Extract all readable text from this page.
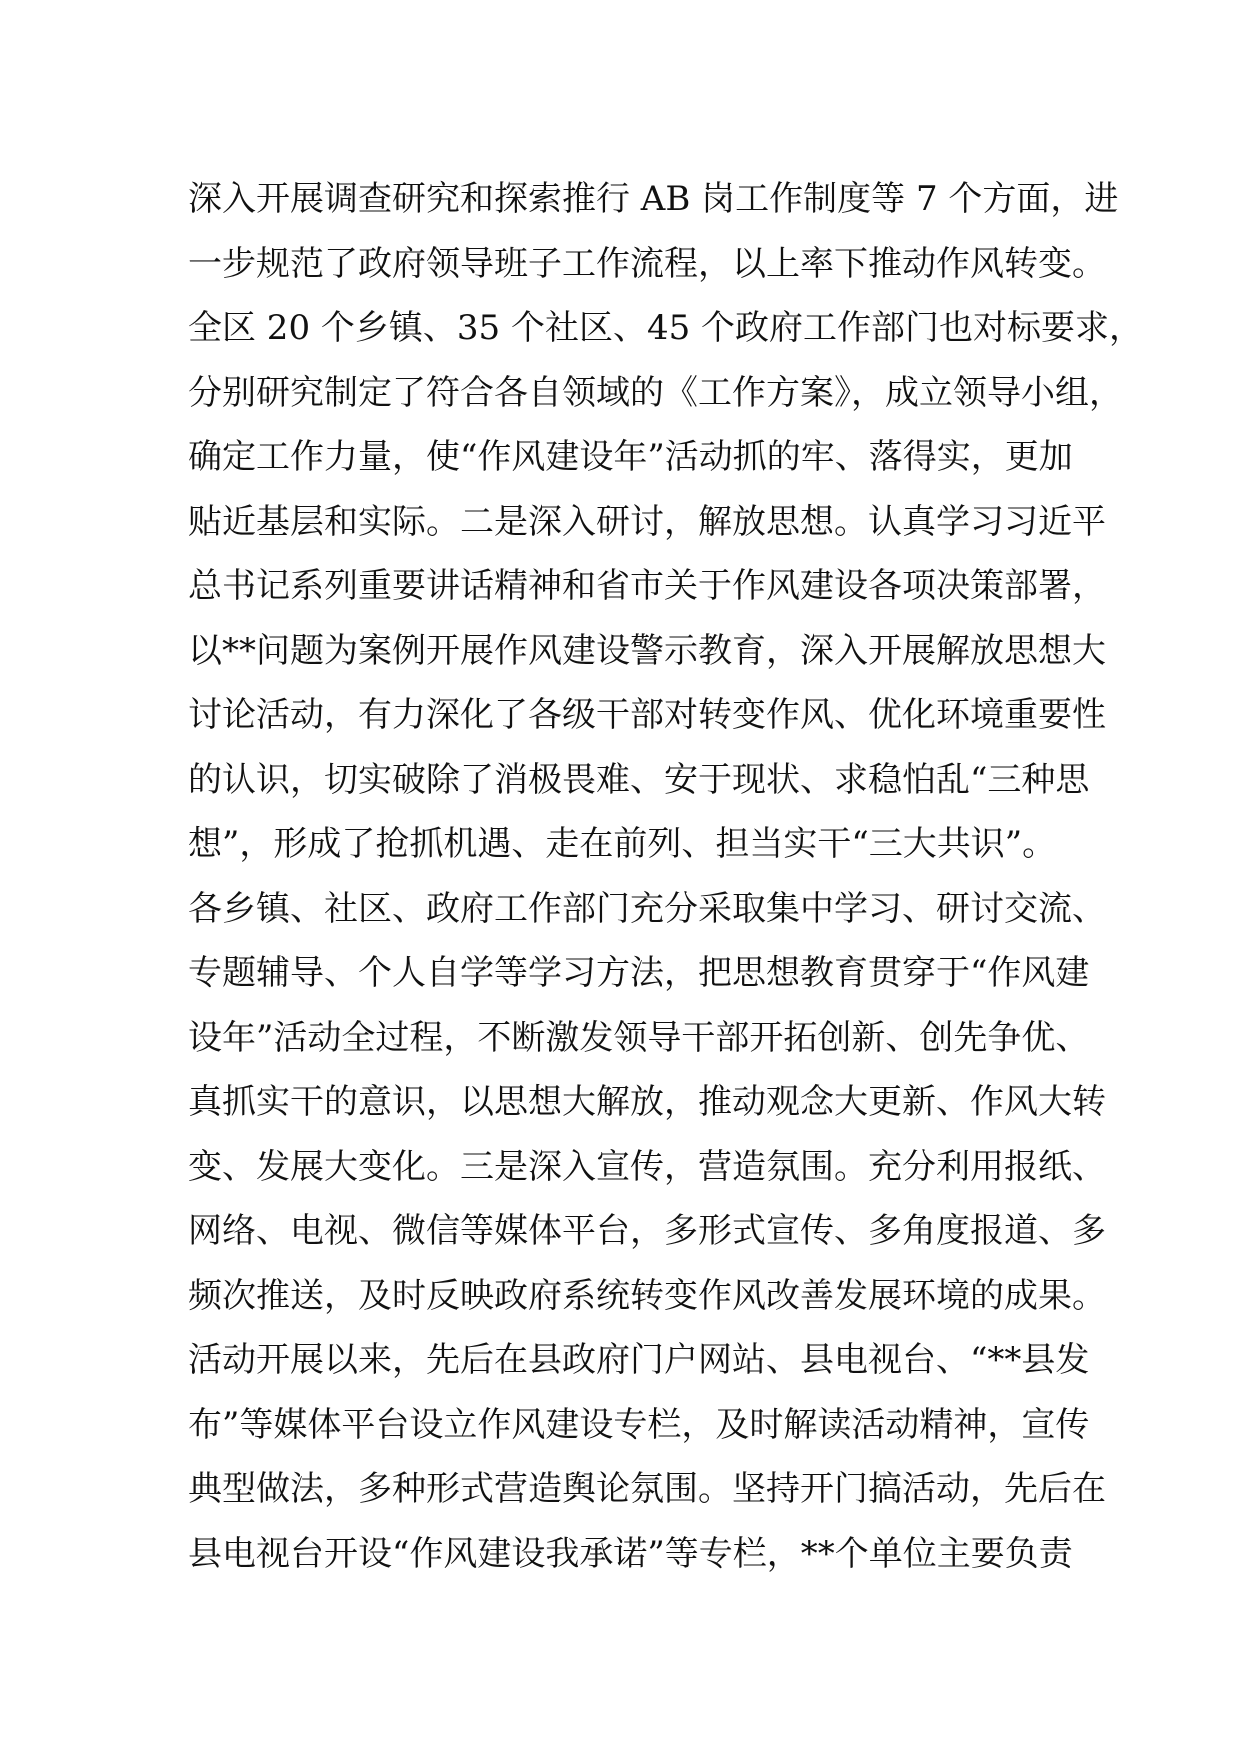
深入开展调查研究和探索推行 AB 岗工作制度等 7 个方面，进
一步规范了政府领导班子工作流程，以上率下推动作风转变。
全区 20 个乡镇、35 个社区、45 个政府工作部门也对标要求，
分别研究制定了符合各自领域的《工作方案》，成立领导小组，
确定工作力量，使“作风建设年”活动抓的牢、落得实，更加
贴近基层和实际。二是深入研讨，解放思想。认真学习习近平
总书记系列重要讲话精神和省市关于作风建设各项决策部署，
以**问题为案例开展作风建设警示教育，深入开展解放思想大
讨论活动，有力深化了各级干部对转变作风、优化环境重要性
的认识，切实破除了消极畏难、安于现状、求稳怕乱“三种思
想”，形成了抢抓机遇、走在前列、担当实干“三大共识”。
各乡镇、社区、政府工作部门充分采取集中学习、研讨交流、
专题辅导、个人自学等学习方法，把思想教育贯穿于“作风建
设年”活动全过程，不断激发领导干部开拓创新、创先争优、
真抓实干的意识，以思想大解放，推动观念大更新、作风大转
变、发展大变化。三是深入宣传，营造氛围。充分利用报纸、
网络、电视、微信等媒体平台，多形式宣传、多角度报道、多
频次推送，及时反映政府系统转变作风改善发展环境的成果。
活动开展以来，先后在县政府门户网站、县电视台、“**县发
布”等媒体平台设立作风建设专栏，及时解读活动精神，宣传
典型做法，多种形式营造舆论氛围。坚持开门搞活动，先后在
县电视台开设“作风建设我承诺”等专栏，**个单位主要负责
